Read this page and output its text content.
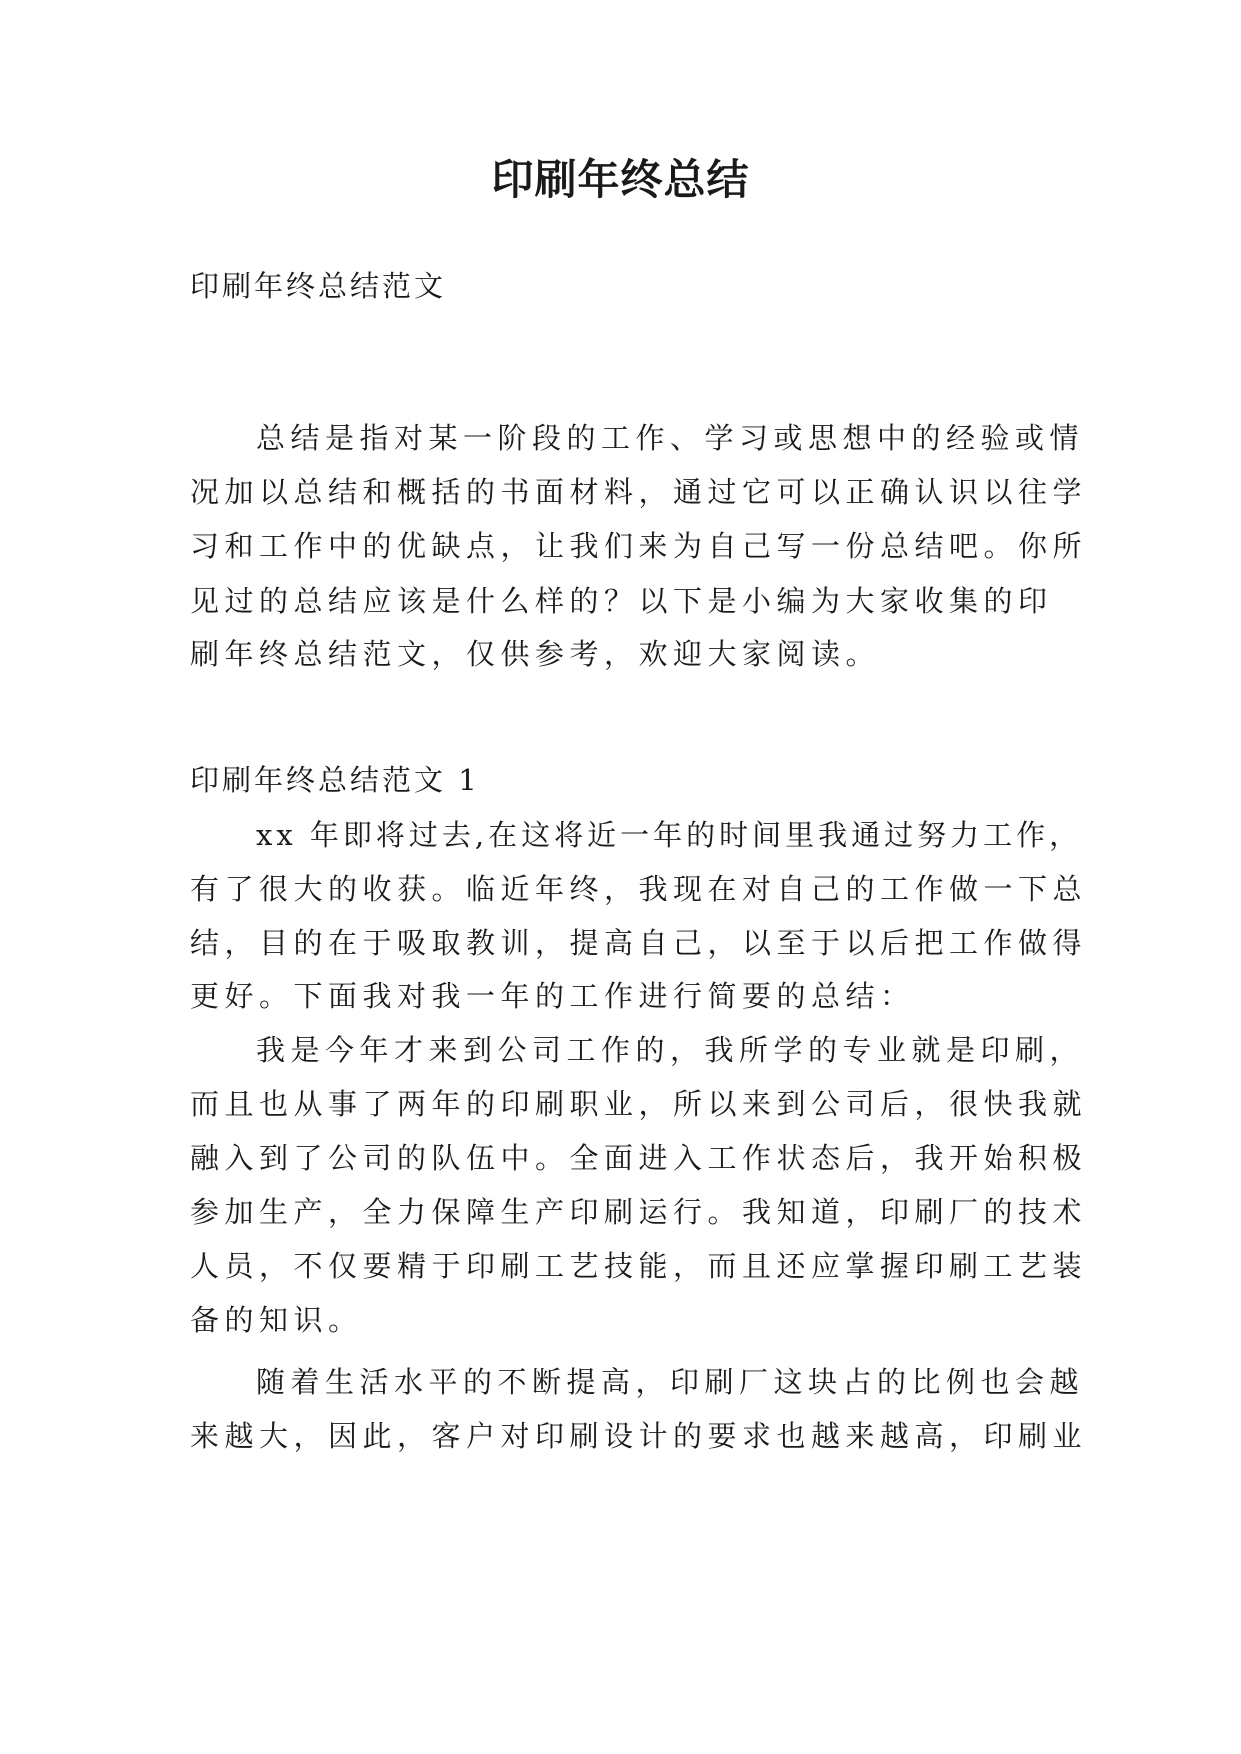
印刷年终总结
印刷年终总结范文
总结是指对某一阶段的工作、学习或思想中的经验或情
况加以总结和概括的书面材料，通过它可以正确认识以往学
习和工作中的优缺点，让我们来为自己写一份总结吧。你所
见过的总结应该是什么样的？以下是小编为大家收集的印
刷年终总结范文，仅供参考，欢迎大家阅读。
印刷年终总结范文 1
xx 年即将过去,在这将近一年的时间里我通过努力工作，
有了很大的收获。临近年终，我现在对自己的工作做一下总
结，目的在于吸取教训，提高自己，以至于以后把工作做得
更好。下面我对我一年的工作进行简要的总结：
我是今年才来到公司工作的，我所学的专业就是印刷，
而且也从事了两年的印刷职业，所以来到公司后，很快我就
融入到了公司的队伍中。全面进入工作状态后，我开始积极
参加生产，全力保障生产印刷运行。我知道，印刷厂的技术
人员，不仅要精于印刷工艺技能，而且还应掌握印刷工艺装
备的知识。
随着生活水平的不断提高，印刷厂这块占的比例也会越
来越大，因此，客户对印刷设计的要求也越来越高，印刷业
